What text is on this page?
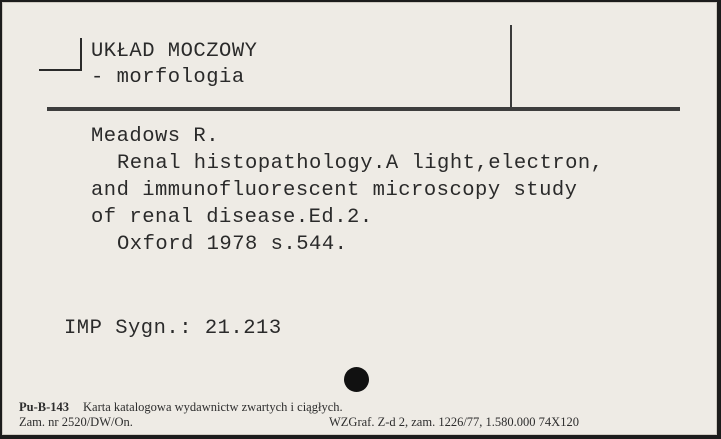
UKŁAD MOCZOWY
- morfologia
Meadows R.
Renal histopathology.A light,electron,
and immunofluorescent microscopy study
of renal disease.Ed.2.
Oxford 1978 s.544.
IMP Sygn.: 21.213
Pu-B-143 Karta katalogowa wydawnictw zwartych i ciągłych.
Zam. nr 2520/DW/On.	WZGraf. Z-d 2, zam. 1226/77, 1.580.000 74X120
